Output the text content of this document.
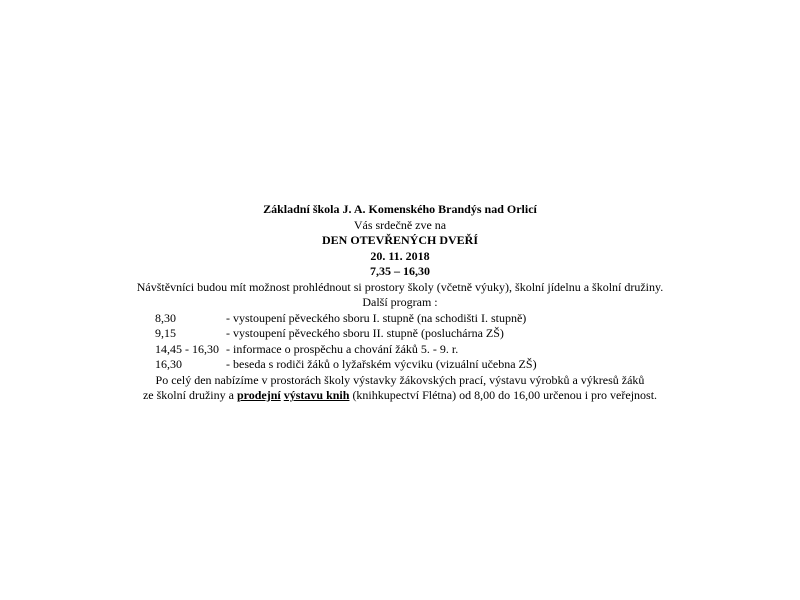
Základní škola J. A. Komenského Brandýs nad Orlicí
Vás srdečně zve na
DEN OTEVŘENÝCH DVEŘÍ
20. 11. 2018
7,35 – 16,30
Návštěvníci budou mít možnost prohlédnout si prostory školy (včetně výuky), školní jídelnu a školní družiny.
Další program :
8,30	- vystoupení pěveckého sboru I. stupně (na schodišti I. stupně)
9,15	- vystoupení pěveckého sboru II. stupně (posluchárna ZŠ)
14,45 - 16,30 - informace o prospěchu a chování žáků 5. - 9. r.
16,30	- beseda s rodiči žáků o lyžařském výcviku (vizuální učebna ZŠ)
Po celý den nabízíme v prostorách školy výstavky žákovských prací, výstavu výrobků a výkresů žáků
ze školní družiny a prodejní výstavu knih (knihkupectví Flétna) od 8,00 do 16,00 určenou i pro veřejnost.
